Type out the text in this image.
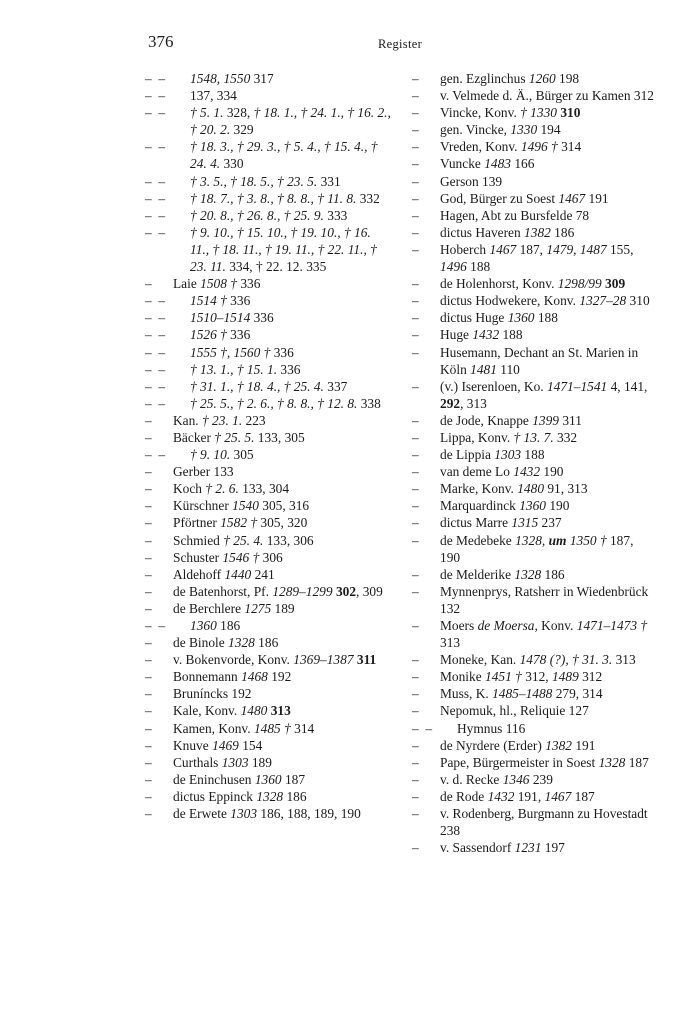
376	Register
–  – 1548, 1550 317
–  – 137, 334
–  – † 5. 1. 328, † 18. 1., † 24. 1., † 16. 2., † 20. 2. 329
–  – † 18. 3., † 29. 3., † 5. 4., † 15. 4., † 24. 4. 330
–  – † 3. 5., † 18. 5., † 23. 5. 331
–  – † 18. 7., † 3. 8., † 8. 8., † 11. 8. 332
–  – † 20. 8., † 26. 8., † 25. 9. 333
–  – † 9. 10., † 15. 10., † 19. 10., † 16. 11., † 18. 11., † 19. 11., † 22. 11., † 23. 11. 334, † 22. 12. 335
– Laie 1508 † 336
–  – 1514 † 336
–  – 1510–1514 336
–  – 1526 † 336
–  – 1555 †, 1560 † 336
–  – † 13. 1., † 15. 1. 336
–  – † 31. 1., † 18. 4., † 25. 4. 337
–  – † 25. 5., † 2. 6., † 8. 8., † 12. 8. 338
– Kan. † 23. 1. 223
– Bäcker † 25. 5. 133, 305
–  – † 9. 10. 305
– Gerber 133
– Koch † 2. 6. 133, 304
– Kürschner 1540 305, 316
– Pförtner 1582 † 305, 320
– Schmied † 25. 4. 133, 306
– Schuster 1546 † 306
– Aldehoff 1440 241
– de Batenhorst, Pf. 1289–1299 302, 309
– de Berchlere 1275 189
–  – 1360 186
– de Binole 1328 186
– v. Bokenvorde, Konv. 1369–1387 311
– Bonnemann 1468 192
– Bruníncks 192
– Kale, Konv. 1480 313
– Kamen, Konv. 1485 † 314
– Knuve 1469 154
– Curthals 1303 189
– de Eninchusen 1360 187
– dictus Eppinck 1328 186
– de Erwete 1303 186, 188, 189, 190
– gen. Ezglinchus 1260 198
– v. Velmede d. Ä., Bürger zu Kamen 312
– Vincke, Konv. † 1330 310
– gen. Vincke, 1330 194
– Vreden, Konv. 1496 † 314
– Vuncke 1483 166
– Gerson 139
– God, Bürger zu Soest 1467 191
– Hagen, Abt zu Bursfelde 78
– dictus Haveren 1382 186
– Hoberch 1467 187, 1479, 1487 155, 1496 188
– de Holenhorst, Konv. 1298/99 309
– dictus Hodwekere, Konv. 1327–28 310
– dictus Huge 1360 188
– Huge 1432 188
– Husemann, Dechant an St. Marien in Köln 1481 110
– (v.) Iserenloen, Ko. 1471–1541 4, 141, 292, 313
– de Jode, Knappe 1399 311
– Lippa, Konv. † 13. 7. 332
– de Lippia 1303 188
– van deme Lo 1432 190
– Marke, Konv. 1480 91, 313
– Marquardinck 1360 190
– dictus Marre 1315 237
– de Medebeke 1328, um 1350 † 187, 190
– de Melderike 1328 186
– Mynnenprys, Ratsherr in Wiedenbrück 132
– Moers de Moersa, Konv. 1471–1473 † 313
– Moneke, Kan. 1478 (?), † 31. 3. 313
– Monike 1451 † 312, 1489 312
– Muss, K. 1485–1488 279, 314
– Nepomuk, hl., Reliquie 127
–  – Hymnus 116
– de Nyrdere (Erder) 1382 191
– Pape, Bürgermeister in Soest 1328 187
– v. d. Recke 1346 239
– de Rode 1432 191, 1467 187
– v. Rodenberg, Burgmann zu Hovestadt 238
– v. Sassendorf 1231 197
